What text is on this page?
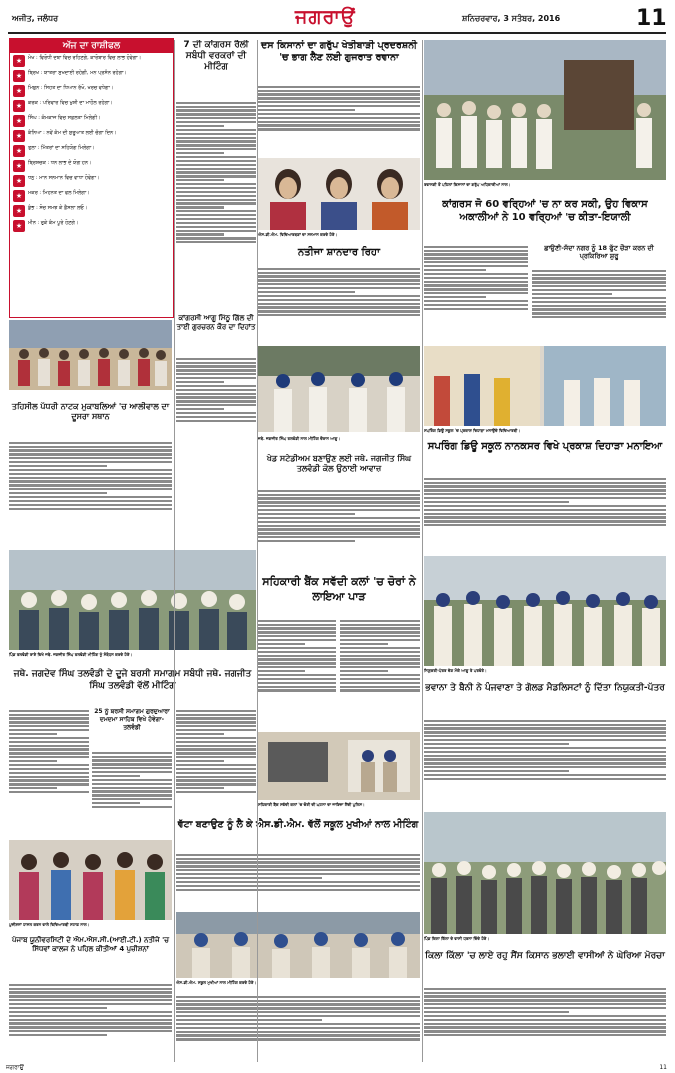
ਅਜੀਤ, ਜਲੰਧਰ	ਜਗਰਾਉਂ	ਸ਼ਨਿਚਰਵਾਰ, 3 ਸਤੰਬਰ, 2016	11
ਅੱਜ ਦਾ ਰਾਸ਼ੀਫਲ
★	ਮੇਖ : ਵਿਰੋਧੀ ਦਬਾ ਵਿਚ ਰਹਿਣਗੇ, ਕਾਰੋਬਾਰ ਵਿਚ ਲਾਭ ਹੋਵੇਗਾ।
★	ਬ੍ਰਿਖ : ਯਾਤਰਾ ਸੁਖਦਾਈ ਰਹੇਗੀ, ਮਨ ਪ੍ਰਸੰਨ ਰਹੇਗਾ।
★	ਮਿਥੁਨ : ਸਿਹਤ ਦਾ ਧਿਆਨ ਰੱਖੋ, ਖਰਚ ਵਧੇਗਾ।
★	ਕਰਕ : ਪਰਿਵਾਰ ਵਿਚ ਖੁਸ਼ੀ ਦਾ ਮਾਹੌਲ ਰਹੇਗਾ।
★	ਸਿੰਘ : ਕੰਮਕਾਜ ਵਿਚ ਸਫ਼ਲਤਾ ਮਿਲੇਗੀ।
★	ਕੰਨਿਆ : ਨਵੇਂ ਕੰਮ ਦੀ ਸ਼ੁਰੂਆਤ ਲਈ ਚੰਗਾ ਦਿਨ।
★	ਤੁਲਾ : ਮਿੱਤਰਾਂ ਦਾ ਸਹਿਯੋਗ ਮਿਲੇਗਾ।
★	ਬ੍ਰਿਸ਼ਚਕ : ਧਨ ਲਾਭ ਦੇ ਯੋਗ ਹਨ।
★	ਧਨੁ : ਮਾਨ ਸਨਮਾਨ ਵਿਚ ਵਾਧਾ ਹੋਵੇਗਾ।
★	ਮਕਰ : ਮਿਹਨਤ ਦਾ ਫਲ ਮਿਲੇਗਾ।
★	ਕੁੰਭ : ਸੋਚ ਸਮਝ ਕੇ ਫ਼ੈਸਲਾ ਲਓ।
★	ਮੀਨ : ਰੁਕੇ ਕੰਮ ਪੂਰੇ ਹੋਣਗੇ।
7 ਦੀ ਕਾਂਗਰਸ ਰੈਲੀ ਸਬੰਧੀ ਵਰਕਰਾਂ ਦੀ ਮੀਟਿੰਗ
ਦਸ ਕਿਸਾਨਾਂ ਦਾ ਗਰੁੱਪ ਖੇਤੀਬਾੜੀ ਪ੍ਰਦਰਸ਼ਨੀ 'ਚ ਭਾਗ ਲੈਣ ਲਈ ਗੁਜਰਾਤ ਰਵਾਨਾ
ਰਵਾਨਗੀ ਤੋਂ ਪਹਿਲਾਂ ਕਿਸਾਨਾਂ ਦਾ ਗਰੁੱਪ ਅਧਿਕਾਰੀਆਂ ਨਾਲ।
ਕਾਂਗਰਸ ਜੋ 60 ਵਰ੍ਹਿਆਂ 'ਚ ਨਾ ਕਰ ਸਕੀ, ਉਹ ਵਿਕਾਸ ਅਕਾਲੀਆਂ ਨੇ 10 ਵਰ੍ਹਿਆਂ 'ਚ ਕੀਤਾ-ਇਯਾਲੀ
ਛਾਉਣੀ-ਸੱਦਾ ਨਗਰ ਨੂੰ 18 ਫੁੱਟ ਚੌੜਾ ਕਰਨ ਦੀ ਪ੍ਰਕਿਰਿਆ ਸ਼ੁਰੂ
ਐਸ.ਡੀ.ਐਮ. ਵਿਦਿਆਰਥਣਾਂ ਦਾ ਸਨਮਾਨ ਕਰਦੇ ਹੋਏ।
ਨਤੀਜਾ ਸ਼ਾਨਦਾਰ ਰਿਹਾ
ਕਾਂਗਰਸੀ ਆਗੂ ਮਿੱਠੂ ਗਿੱਲ ਦੀ ਤਾਈ ਗੁਰਚਰਨ ਕੌਰ ਦਾ ਦਿਹਾਂਤ
ਤਹਿਸੀਲ ਪੱਧਰੀ ਨਾਟਕ ਮੁਕਾਬਲਿਆਂ 'ਚ ਆਲੀਵਾਲ ਦਾ ਦੂਸਰਾ ਸਥਾਨ
ਜਥੇ. ਜਗਜੀਤ ਸਿੰਘ ਤਲਵੰਡੀ ਨਾਲ ਮੀਟਿੰਗ ਦੌਰਾਨ ਆਗੂ।
ਸਪਰਿੰਗ ਡਿਊ ਸਕੂਲ 'ਚ ਪ੍ਰਕਾਸ਼ ਦਿਹਾੜਾ ਮਨਾਉਂਦੇ ਵਿਦਿਆਰਥੀ।
ਖੇਡ ਸਟੇਡੀਅਮ ਬਣਾਉਣ ਲਈ ਜਥੇ. ਜਗਜੀਤ ਸਿੰਘ ਤਲਵੰਡੀ ਕੋਲ ਉਠਾਈ ਆਵਾਜ਼
ਸਪਰਿੰਗ ਡਿਊ ਸਕੂਲ ਨਾਨਕਸਰ ਵਿਖੇ ਪ੍ਰਕਾਸ਼ ਦਿਹਾੜਾ ਮਨਾਇਆ
ਪਿੰਡ ਤਲਵੰਡੀ ਰਾਏ ਵਿਖੇ ਜਥੇ. ਜਗਜੀਤ ਸਿੰਘ ਤਲਵੰਡੀ ਮੀਟਿੰਗ ਨੂੰ ਸੰਬੋਧਨ ਕਰਦੇ ਹੋਏ।
ਸਹਿਕਾਰੀ ਬੈਂਕ ਸਵੱਦੀ ਕਲਾਂ 'ਚ ਚੋਰਾਂ ਨੇ ਲਾਇਆ ਪਾੜ
ਨਿਯੁਕਤੀ-ਪੱਤਰ ਦੇਣ ਮੌਕੇ ਆਗੂ ਤੇ ਪਤਵੰਤੇ।
ਜਥੇ. ਜਗਦੇਵ ਸਿੰਘ ਤਲਵੰਡੀ ਦੇ ਦੂਜੇ ਬਰਸੀ ਸਮਾਗਮ ਸਬੰਧੀ ਜਥੇ. ਜਗਜੀਤ ਸਿੰਘ ਤਲਵੰਡੀ ਵੱਲੋਂ ਮੀਟਿੰਗ
25 ਨੂੰ ਬਰਸੀ ਸਮਾਗਮ ਗੁਰਦੁਆਰਾ ਦਮਦਮਾ ਸਾਹਿਬ ਵਿਖੇ ਹੋਵੇਗਾ-ਤਲਵੰਡੀ
ਸਹਿਕਾਰੀ ਬੈਂਕ ਸਵੱਦੀ ਕਲਾਂ 'ਚ ਚੋਰੀ ਦੀ ਘਟਨਾ ਦਾ ਜਾਇਜ਼ਾ ਲੈਂਦੀ ਪੁਲਿਸ।
ਭਵਾਨਾ ਤੇ ਬੈਨੀ ਨੇ ਪੰਜਵਾਣਾ ਤੇ ਗੋਲਡ ਮੈਡਲਿਸਟਾਂ ਨੂੰ ਦਿੱਤਾ ਨਿਯੁਕਤੀ-ਪੱਤਰ
ਵੱਟਾ ਬਣਾਉਣ ਨੂੰ ਲੈ ਕੇ ਐਸ.ਡੀ.ਐਮ. ਵੱਲੋਂ ਸਕੂਲ ਮੁਖੀਆਂ ਨਾਲ ਮੀਟਿੰਗ
ਪੁਜ਼ੀਸ਼ਨਾਂ ਹਾਸਲ ਕਰਨ ਵਾਲੇ ਵਿਦਿਆਰਥੀ ਸਟਾਫ਼ ਨਾਲ।
ਪਿੰਡ ਕਿਲਾ ਕਿੱਲਾ ਦੇ ਵਾਸੀ ਧਰਨਾ ਦਿੰਦੇ ਹੋਏ।
ਐਸ.ਡੀ.ਐਮ. ਸਕੂਲ ਮੁਖੀਆਂ ਨਾਲ ਮੀਟਿੰਗ ਕਰਦੇ ਹੋਏ।
ਪੰਜਾਬ ਯੂਨੀਵਰਸਿਟੀ ਦੇ ਐਮ.ਐਸ.ਸੀ.(ਆਈ.ਟੀ.) ਨਤੀਜੇ 'ਚ ਸਿੱਧਵਾਂ ਕਾਲਜ ਨੇ ਪਹਿਲ ਕੀਤੀਆਂ 4 ਪੁਜ਼ੀਸ਼ਨਾਂ
ਕਿਲਾ ਕਿੱਲਾ 'ਚ ਲਾਏ ਰਹੁ ਸੈਂਸ ਕਿਸਾਨ ਭਲਾਈ ਵਾਸੀਆਂ ਨੇ ਘੇਰਿਆ ਮੋਰਚਾ
ਜਗਰਾਉਂ	11
